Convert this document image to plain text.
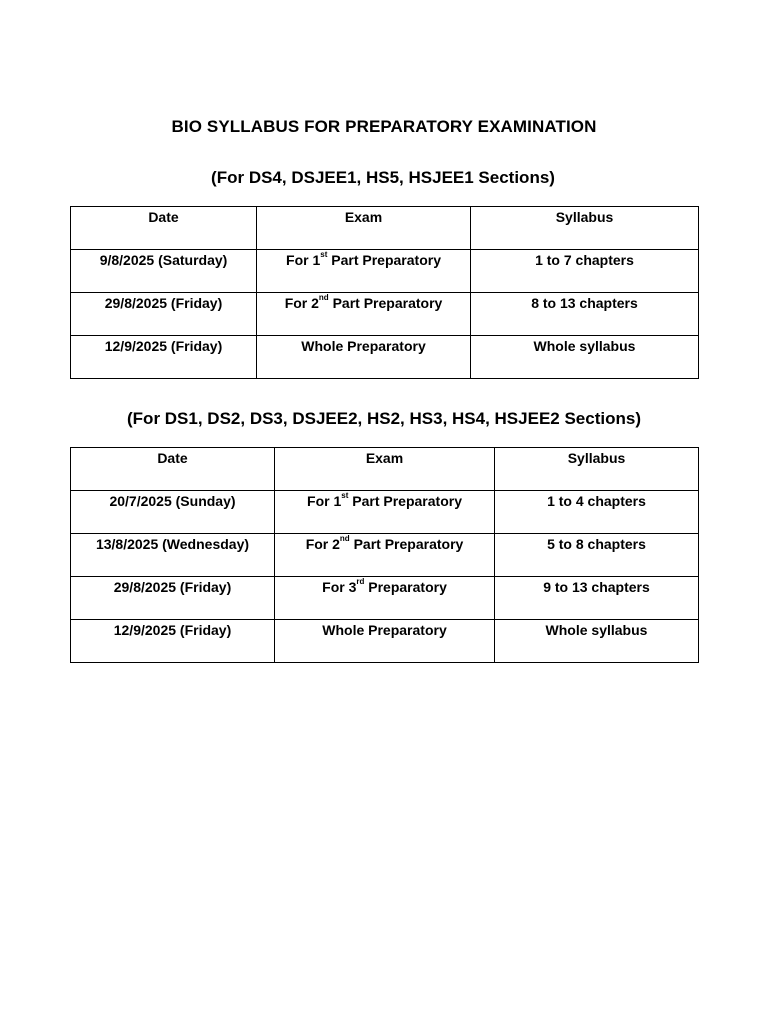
BIO SYLLABUS FOR PREPARATORY EXAMINATION
(For DS4, DSJEE1, HS5, HSJEE1 Sections)
Date	Exam	Syllabus
9/8/2025 (Saturday)	For 1st Part Preparatory	1 to 7 chapters
29/8/2025 (Friday)	For 2nd Part Preparatory	8 to 13 chapters
12/9/2025 (Friday)	Whole Preparatory	Whole syllabus
(For DS1, DS2, DS3, DSJEE2, HS2, HS3, HS4, HSJEE2 Sections)
Date	Exam	Syllabus
20/7/2025 (Sunday)	For 1st Part Preparatory	1 to 4 chapters
13/8/2025 (Wednesday)	For 2nd Part Preparatory	5 to 8 chapters
29/8/2025 (Friday)	For 3rd Preparatory	9 to 13 chapters
12/9/2025 (Friday)	Whole Preparatory	Whole syllabus
